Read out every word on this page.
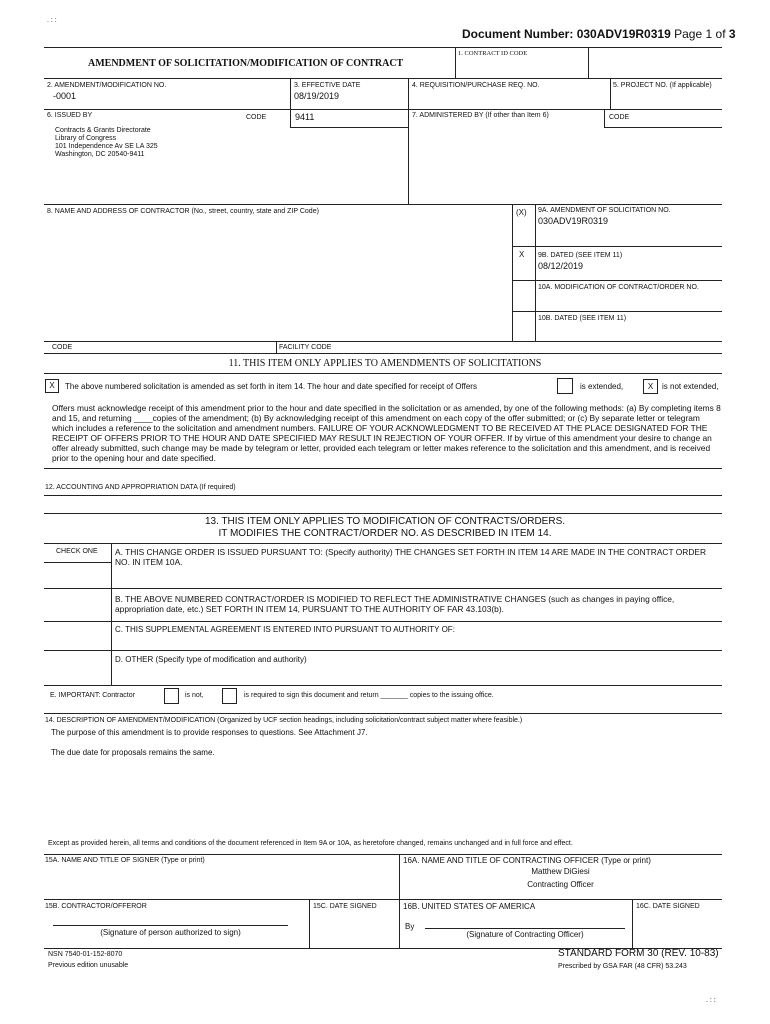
. : :
Document Number: 030ADV19R0319 Page 1 of 3
AMENDMENT OF SOLICITATION/MODIFICATION OF CONTRACT
1. CONTRACT ID CODE
2. AMENDMENT/MODIFICATION NO.
-0001
3. EFFECTIVE DATE
08/19/2019
4. REQUISITION/PURCHASE REQ. NO.	5. PROJECT NO. (If applicable)
6. ISSUED BY	CODE	9411	7. ADMINISTERED BY (If other than Item 6)	CODE
Contracts & Grants Directorate
Library of Congress
101 Independence Av SE LA 325
Washington, DC 20540-9411
8. NAME AND ADDRESS OF CONTRACTOR (No., street, country, state and ZIP Code)	(X) 9A. AMENDMENT OF SOLICITATION NO.
030ADV19R0319
X 9B. DATED (SEE ITEM 11)
08/12/2019
10A. MODIFICATION OF CONTRACT/ORDER NO.
10B. DATED (SEE ITEM 11)
CODE	FACILITY CODE
11. THIS ITEM ONLY APPLIES TO AMENDMENTS OF SOLICITATIONS
X	The above numbered solicitation is amended as set forth in item 14. The hour and date specified for receipt of Offers	is extended,	X	is not extended,
Offers must acknowledge receipt of this amendment prior to the hour and date specified in the solicitation or as amended, by one of the following methods: (a) By completing items 8 and 15, and returning ____copies of the amendment; (b) By acknowledging receipt of this amendment on each copy of the offer submitted; or (c) By separate letter or telegram which includes a reference to the solicitation and amendment numbers. FAILURE OF YOUR ACKNOWLEDGMENT TO BE RECEIVED AT THE PLACE DESIGNATED FOR THE RECEIPT OF OFFERS PRIOR TO THE HOUR AND DATE SPECIFIED MAY RESULT IN REJECTION OF YOUR OFFER. If by virtue of this amendment your desire to change an offer already submitted, such change may be made by telegram or letter, provided each telegram or letter makes reference to the solicitation and this amendment, and is received prior to the opening hour and date specified.
12. ACCOUNTING AND APPROPRIATION DATA (If required)
13. THIS ITEM ONLY APPLIES TO MODIFICATION OF CONTRACTS/ORDERS.
IT MODIFIES THE CONTRACT/ORDER NO. AS DESCRIBED IN ITEM 14.
CHECK ONE A. THIS CHANGE ORDER IS ISSUED PURSUANT TO: (Specify authority) THE CHANGES SET FORTH IN ITEM 14 ARE MADE IN THE CONTRACT ORDER NO. IN ITEM 10A.
B. THE ABOVE NUMBERED CONTRACT/ORDER IS MODIFIED TO REFLECT THE ADMINISTRATIVE CHANGES (such as changes in paying office, appropriation date, etc.) SET FORTH IN ITEM 14, PURSUANT TO THE AUTHORITY OF FAR 43.103(b).
C. THIS SUPPLEMENTAL AGREEMENT IS ENTERED INTO PURSUANT TO AUTHORITY OF:
D. OTHER (Specify type of modification and authority)
E. IMPORTANT: Contractor	is not,	is required to sign this document and return _______ copies to the issuing office.
14. DESCRIPTION OF AMENDMENT/MODIFICATION (Organized by UCF section headings, including solicitation/contract subject matter where feasible.)
The purpose of this amendment is to provide responses to questions. See Attachment J7.
The due date for proposals remains the same.
Except as provided herein, all terms and conditions of the document referenced in Item 9A or 10A, as heretofore changed, remains unchanged and in full force and effect.
15A. NAME AND TITLE OF SIGNER (Type or print)	16A. NAME AND TITLE OF CONTRACTING OFFICER (Type or print)
Matthew DiGiesi
Contracting Officer
15B. CONTRACTOR/OFFEROR	15C. DATE SIGNED	16B. UNITED STATES OF AMERICA	16C. DATE SIGNED
(Signature of person authorized to sign)
By
(Signature of Contracting Officer)
NSN 7540-01-152-8070
Previous edition unusable
STANDARD FORM 30 (REV. 10-83)
Prescribed by GSA FAR (48 CFR) 53.243
. : :
